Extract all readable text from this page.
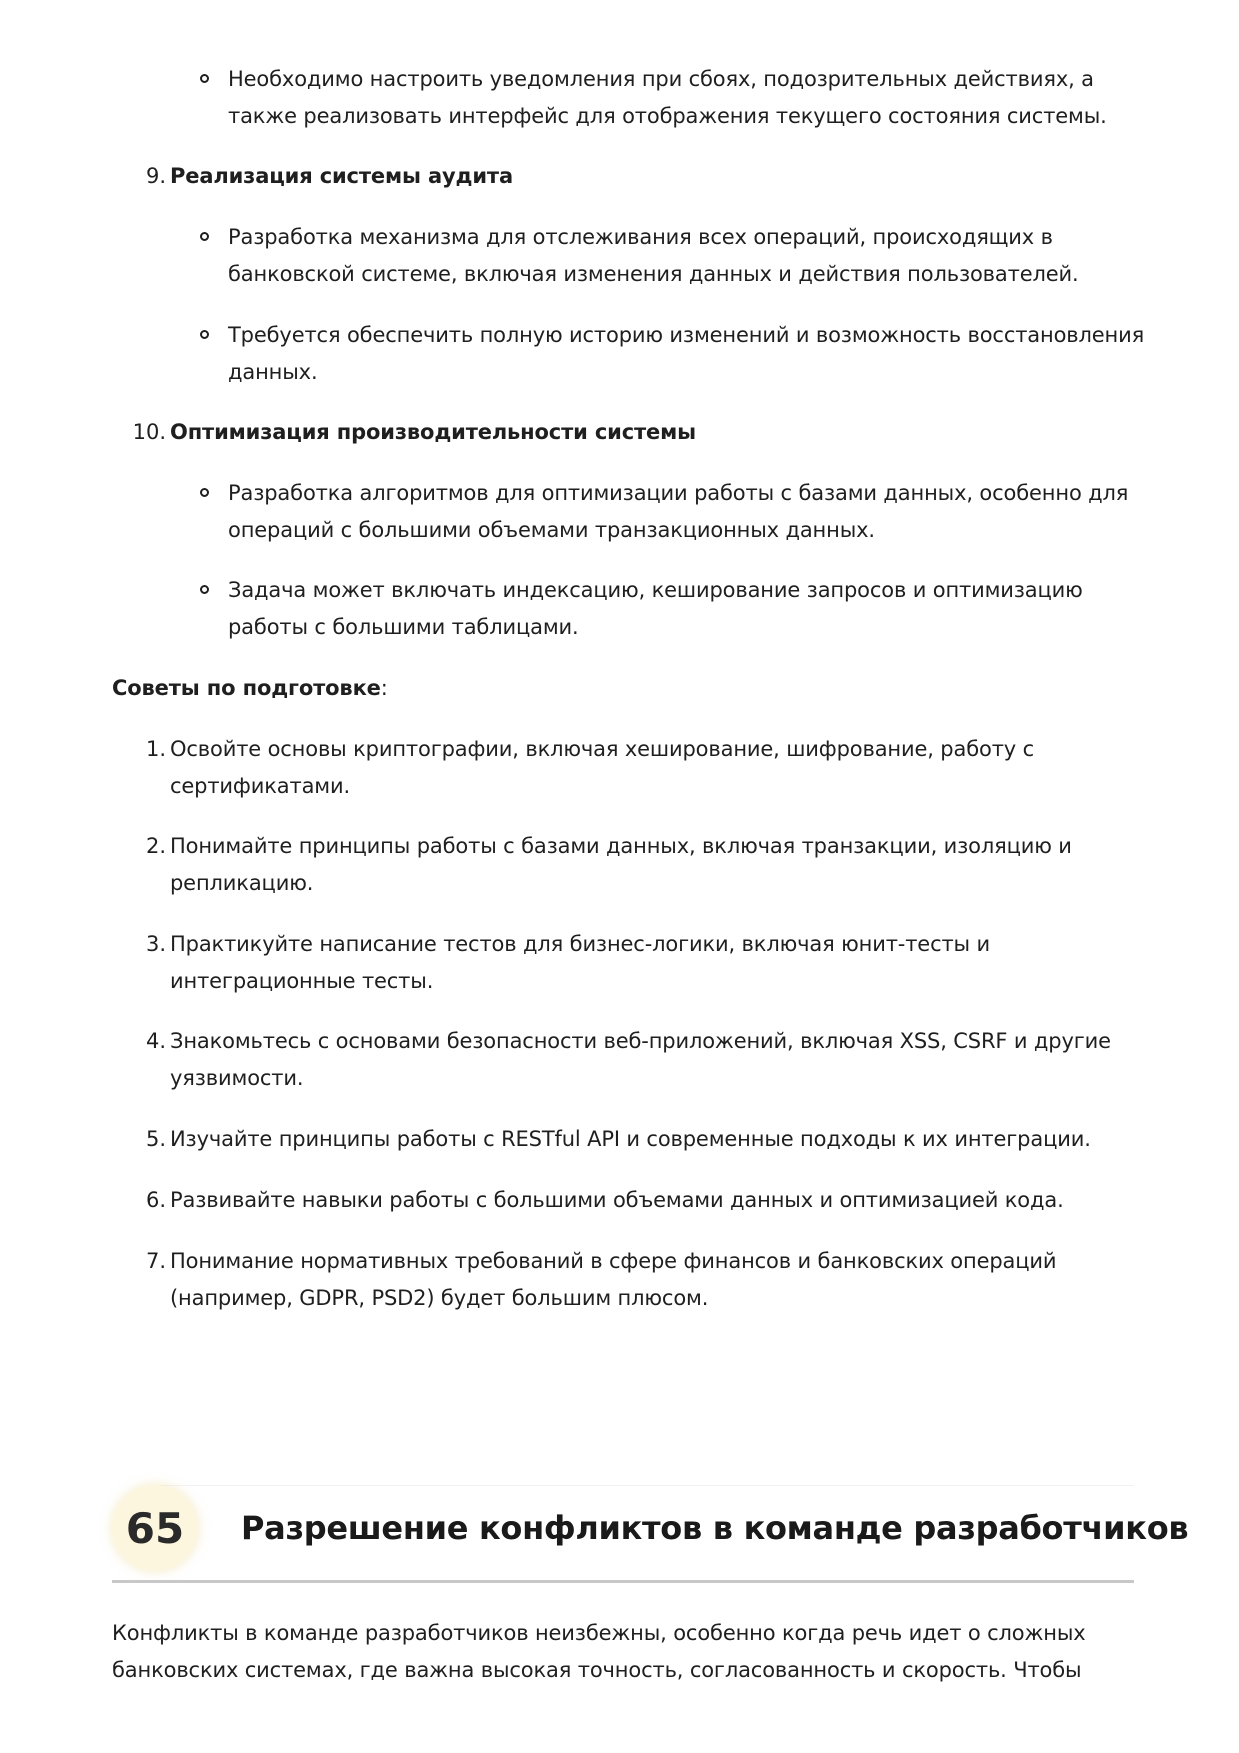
Необходимо настроить уведомления при сбоях, подозрительных действиях, а
также реализовать интерфейс для отображения текущего состояния системы.
9. Реализация системы аудита
Разработка механизма для отслеживания всех операций, происходящих в
банковской системе, включая изменения данных и действия пользователей.
Требуется обеспечить полную историю изменений и возможность восстановления
данных.
10. Оптимизация производительности системы
Разработка алгоритмов для оптимизации работы с базами данных, особенно для
операций с большими объемами транзакционных данных.
Задача может включать индексацию, кеширование запросов и оптимизацию
работы с большими таблицами.
Советы по подготовке:
1. Освойте основы криптографии, включая хеширование, шифрование, работу с
сертификатами.
2. Понимайте принципы работы с базами данных, включая транзакции, изоляцию и
репликацию.
3. Практикуйте написание тестов для бизнес-логики, включая юнит-тесты и
интеграционные тесты.
4. Знакомьтесь с основами безопасности веб-приложений, включая XSS, CSRF и другие
уязвимости.
5. Изучайте принципы работы с RESTful API и современные подходы к их интеграции.
6. Развивайте навыки работы с большими объемами данных и оптимизацией кода.
7. Понимание нормативных требований в сфере финансов и банковских операций
(например, GDPR, PSD2) будет большим плюсом.
65	Разрешение конфликтов в команде разработчиков
Конфликты в команде разработчиков неизбежны, особенно когда речь идет о сложных
банковских системах, где важна высокая точность, согласованность и скорость. Чтобы
